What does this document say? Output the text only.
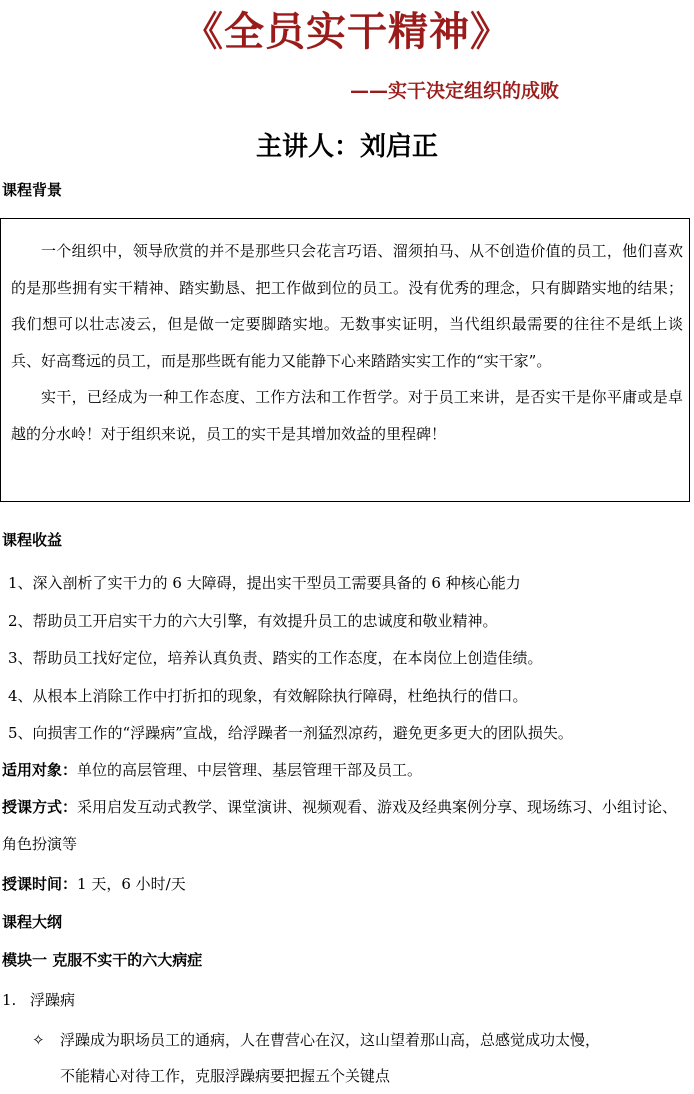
《全员实干精神》
——实干决定组织的成败
主讲人：刘启正
课程背景

一个组织中，领导欣赏的并不是那些只会花言巧语、溜须拍马、从不创造价值的员工，他们喜欢的是那些拥有实干精神、踏实勤恳、把工作做到位的员工。没有优秀的理念，只有脚踏实地的结果；我们想可以壮志凌云，但是做一定要脚踏实地。无数事实证明，当代组织最需要的往往不是纸上谈兵、好高骛远的员工，而是那些既有能力又能静下心来踏踏实实工作的“实干家”。

实干，已经成为一种工作态度、工作方法和工作哲学。对于员工来讲，是否实干是你平庸或是卓越的分水岭！对于组织来说，员工的实干是其增加效益的里程碑！

课程收益
1、深入剖析了实干力的 6 大障碍，提出实干型员工需要具备的 6 种核心能力
2、帮助员工开启实干力的六大引擎，有效提升员工的忠诚度和敬业精神。
3、帮助员工找好定位，培养认真负责、踏实的工作态度，在本岗位上创造佳绩。
4、从根本上消除工作中打折扣的现象，有效解除执行障碍，杜绝执行的借口。
5、向损害工作的“浮躁病”宣战，给浮躁者一剂猛烈凉药，避免更多更大的团队损失。
适用对象：单位的高层管理、中层管理、基层管理干部及员工。
授课方式：采用启发互动式教学、课堂演讲、视频观看、游戏及经典案例分享、现场练习、小组讨论、角色扮演等
授课时间：1 天，6 小时/天
课程大纲
模块一 克服不实干的六大病症
1. 浮躁病
✧ 浮躁成为职场员工的通病，人在曹营心在汉，这山望着那山高，总感觉成功太慢，
不能精心对待工作，克服浮躁病要把握五个关键点
